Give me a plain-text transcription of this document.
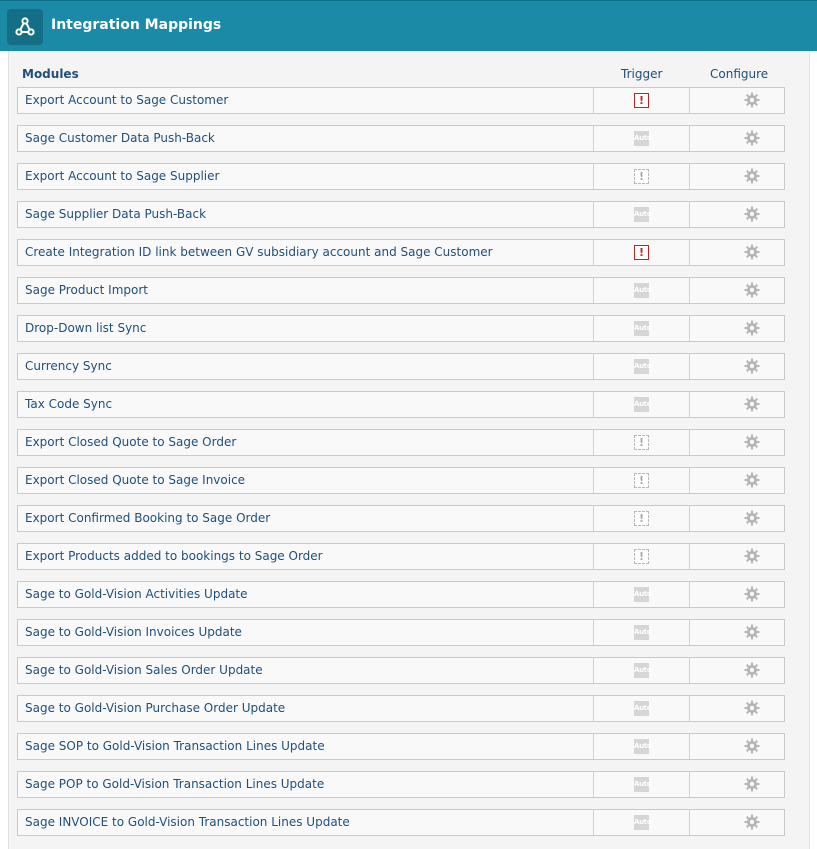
Integration Mappings
Modules	Trigger	Configure
Export Account to Sage Customer	!
Sage Customer Data Push-Back	Auto
Export Account to Sage Supplier	!
Sage Supplier Data Push-Back	Auto
Create Integration ID link between GV subsidiary account and Sage Customer	!
Sage Product Import	Auto
Drop-Down list Sync	Auto
Currency Sync	Auto
Tax Code Sync	Auto
Export Closed Quote to Sage Order	!
Export Closed Quote to Sage Invoice	!
Export Confirmed Booking to Sage Order	!
Export Products added to bookings to Sage Order	!
Sage to Gold-Vision Activities Update	Auto
Sage to Gold-Vision Invoices Update	Auto
Sage to Gold-Vision Sales Order Update	Auto
Sage to Gold-Vision Purchase Order Update	Auto
Sage SOP to Gold-Vision Transaction Lines Update	Auto
Sage POP to Gold-Vision Transaction Lines Update	Auto
Sage INVOICE to Gold-Vision Transaction Lines Update	Auto
